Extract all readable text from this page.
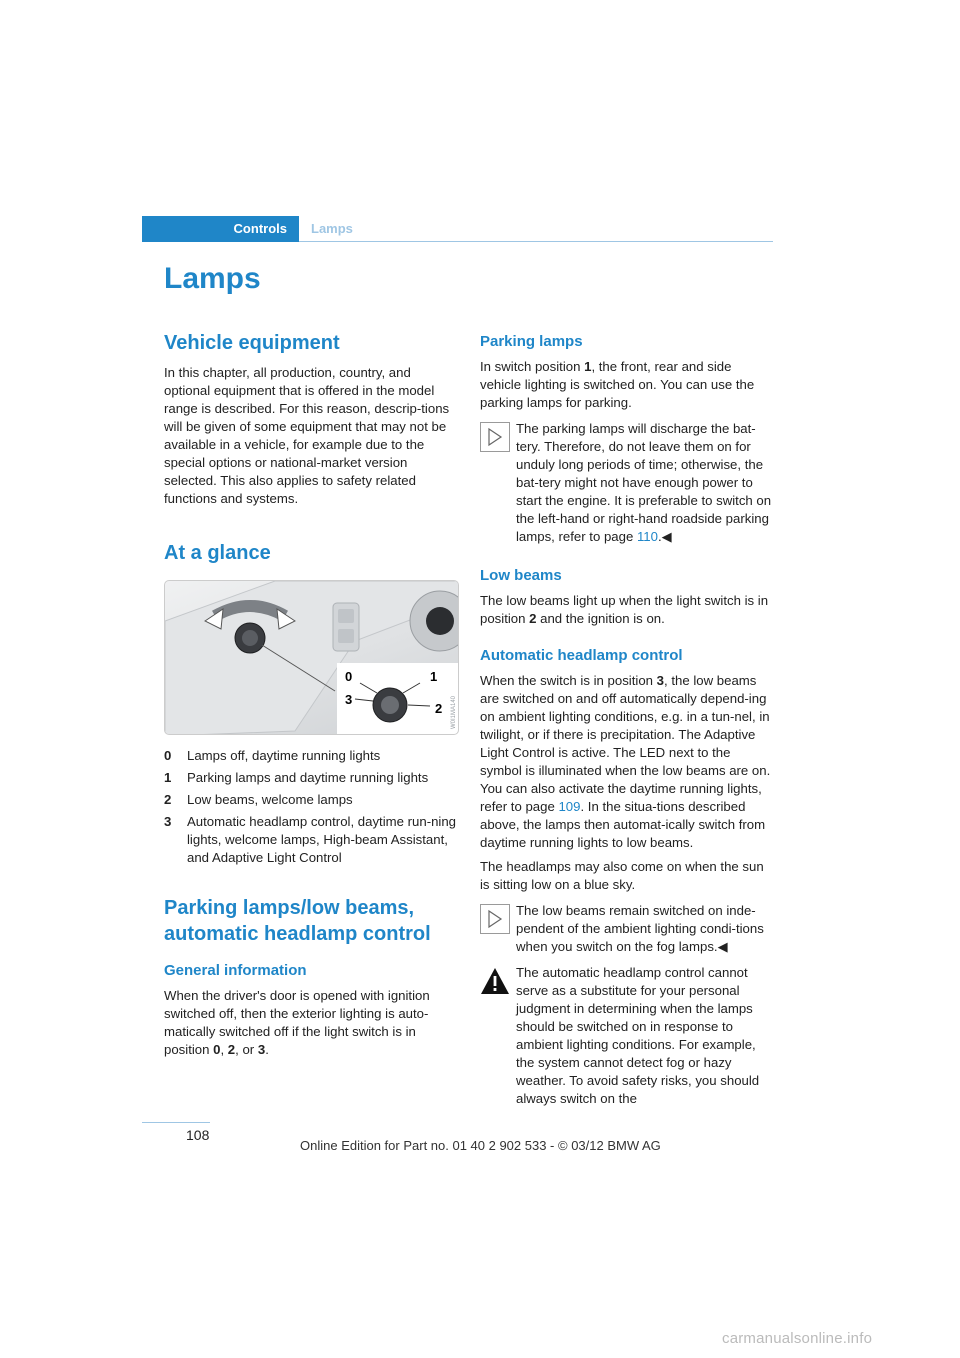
Controls	Lamps
Lamps
Vehicle equipment

In this chapter, all production, country, and optional equipment that is offered in the model range is described. For this reason, descrip-tions will be given of some equipment that may not be available in a vehicle, for example due to the special options or national-market version selected. This also applies to safety related functions and systems.

At a glance
0	1
3
2 W0I1MA140
0	Lamps off, daytime running lights
1	Parking lamps and daytime running lights
2	Low beams, welcome lamps
3	Automatic headlamp control, daytime run-ning lights, welcome lamps, High-beam Assistant, and Adaptive Light Control
Parking lamps/low beams, automatic headlamp control
General information

When the driver's door is opened with ignition switched off, then the exterior lighting is auto-matically switched off if the light switch is in position 0, 2, or 3.

Parking lamps

In switch position 1, the front, rear and side vehicle lighting is switched on. You can use the parking lamps for parking.

The parking lamps will discharge the bat-tery. Therefore, do not leave them on for unduly long periods of time; otherwise, the bat-tery might not have enough power to start the engine. It is preferable to switch on the left-hand or right-hand roadside parking lamps, refer to page 110.◀

Low beams

The low beams light up when the light switch is in position 2 and the ignition is on.

Automatic headlamp control

When the switch is in position 3, the low beams are switched on and off automatically depend-ing on ambient lighting conditions, e.g. in a tun-nel, in twilight, or if there is precipitation. The Adaptive Light Control is active. The LED next to the symbol is illuminated when the low beams are on. You can also activate the daytime running lights, refer to page 109. In the situa-tions described above, the lamps then automat-ically switch from daytime running lights to low beams.

The headlamps may also come on when the sun is sitting low on a blue sky.

The low beams remain switched on inde-pendent of the ambient lighting condi-tions when you switch on the fog lamps.◀

The automatic headlamp control cannot serve as a substitute for your personal judgment in determining when the lamps should be switched on in response to ambient lighting conditions. For example, the system cannot detect fog or hazy weather. To avoid safety risks, you should always switch on the

108
Online Edition for Part no. 01 40 2 902 533 - © 03/12 BMW AG
carmanualsonline.info
